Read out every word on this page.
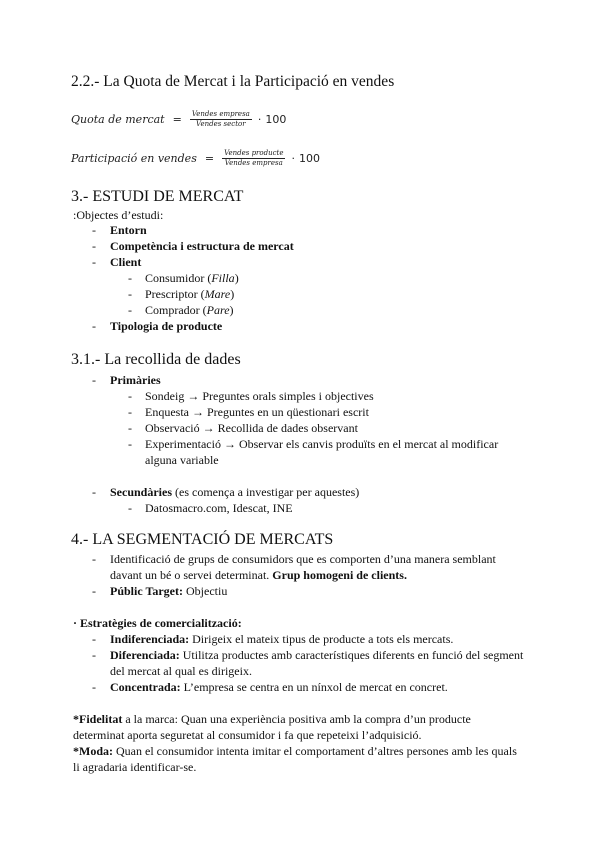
2.2.- La Quota de Mercat i la Participació en vendes
Quota de mercat = $\frac{\text{Vendes empresa}}{\text{Vendes sector}} \cdot 100$
Participació en vendes = $\frac{\text{Vendes producte}}{\text{Vendes empresa}} \cdot 100$
3.- ESTUDI DE MERCAT
:Objectes d’estudi:
- Entorn
- Competència i estructura de mercat
- Client
- Consumidor (Filla)
- Prescriptor (Mare)
- Comprador (Pare)
- Tipologia de producte
3.1.- La recollida de dades
- Primàries
- Sondeig → Preguntes orals simples i objectives
- Enquesta → Preguntes en un qüestionari escrit
- Observació → Recollida de dades observant
- Experimentació → Observar els canvis produïts en el mercat al modificar
alguna variable
- Secundàries (es comença a investigar per aquestes)
- Datosmacro.com, Idescat, INE
4.- LA SEGMENTACIÓ DE MERCATS
- Identificació de grups de consumidors que es comporten d’una manera semblant
davant un bé o servei determinat. Grup homogeni de clients.
- Públic Target: Objectiu
· Estratègies de comercialització:
- Indiferenciada: Dirigeix el mateix tipus de producte a tots els mercats.
- Diferenciada: Utilitza productes amb característiques diferents en funció del segment
del mercat al qual es dirigeix.
- Concentrada: L’empresa se centra en un nínxol de mercat en concret.
*Fidelitat a la marca: Quan una experiència positiva amb la compra d’un producte
determinat aporta seguretat al consumidor i fa que repeteixi l’adquisició.
*Moda: Quan el consumidor intenta imitar el comportament d’altres persones amb les quals
li agradaria identificar-se.
